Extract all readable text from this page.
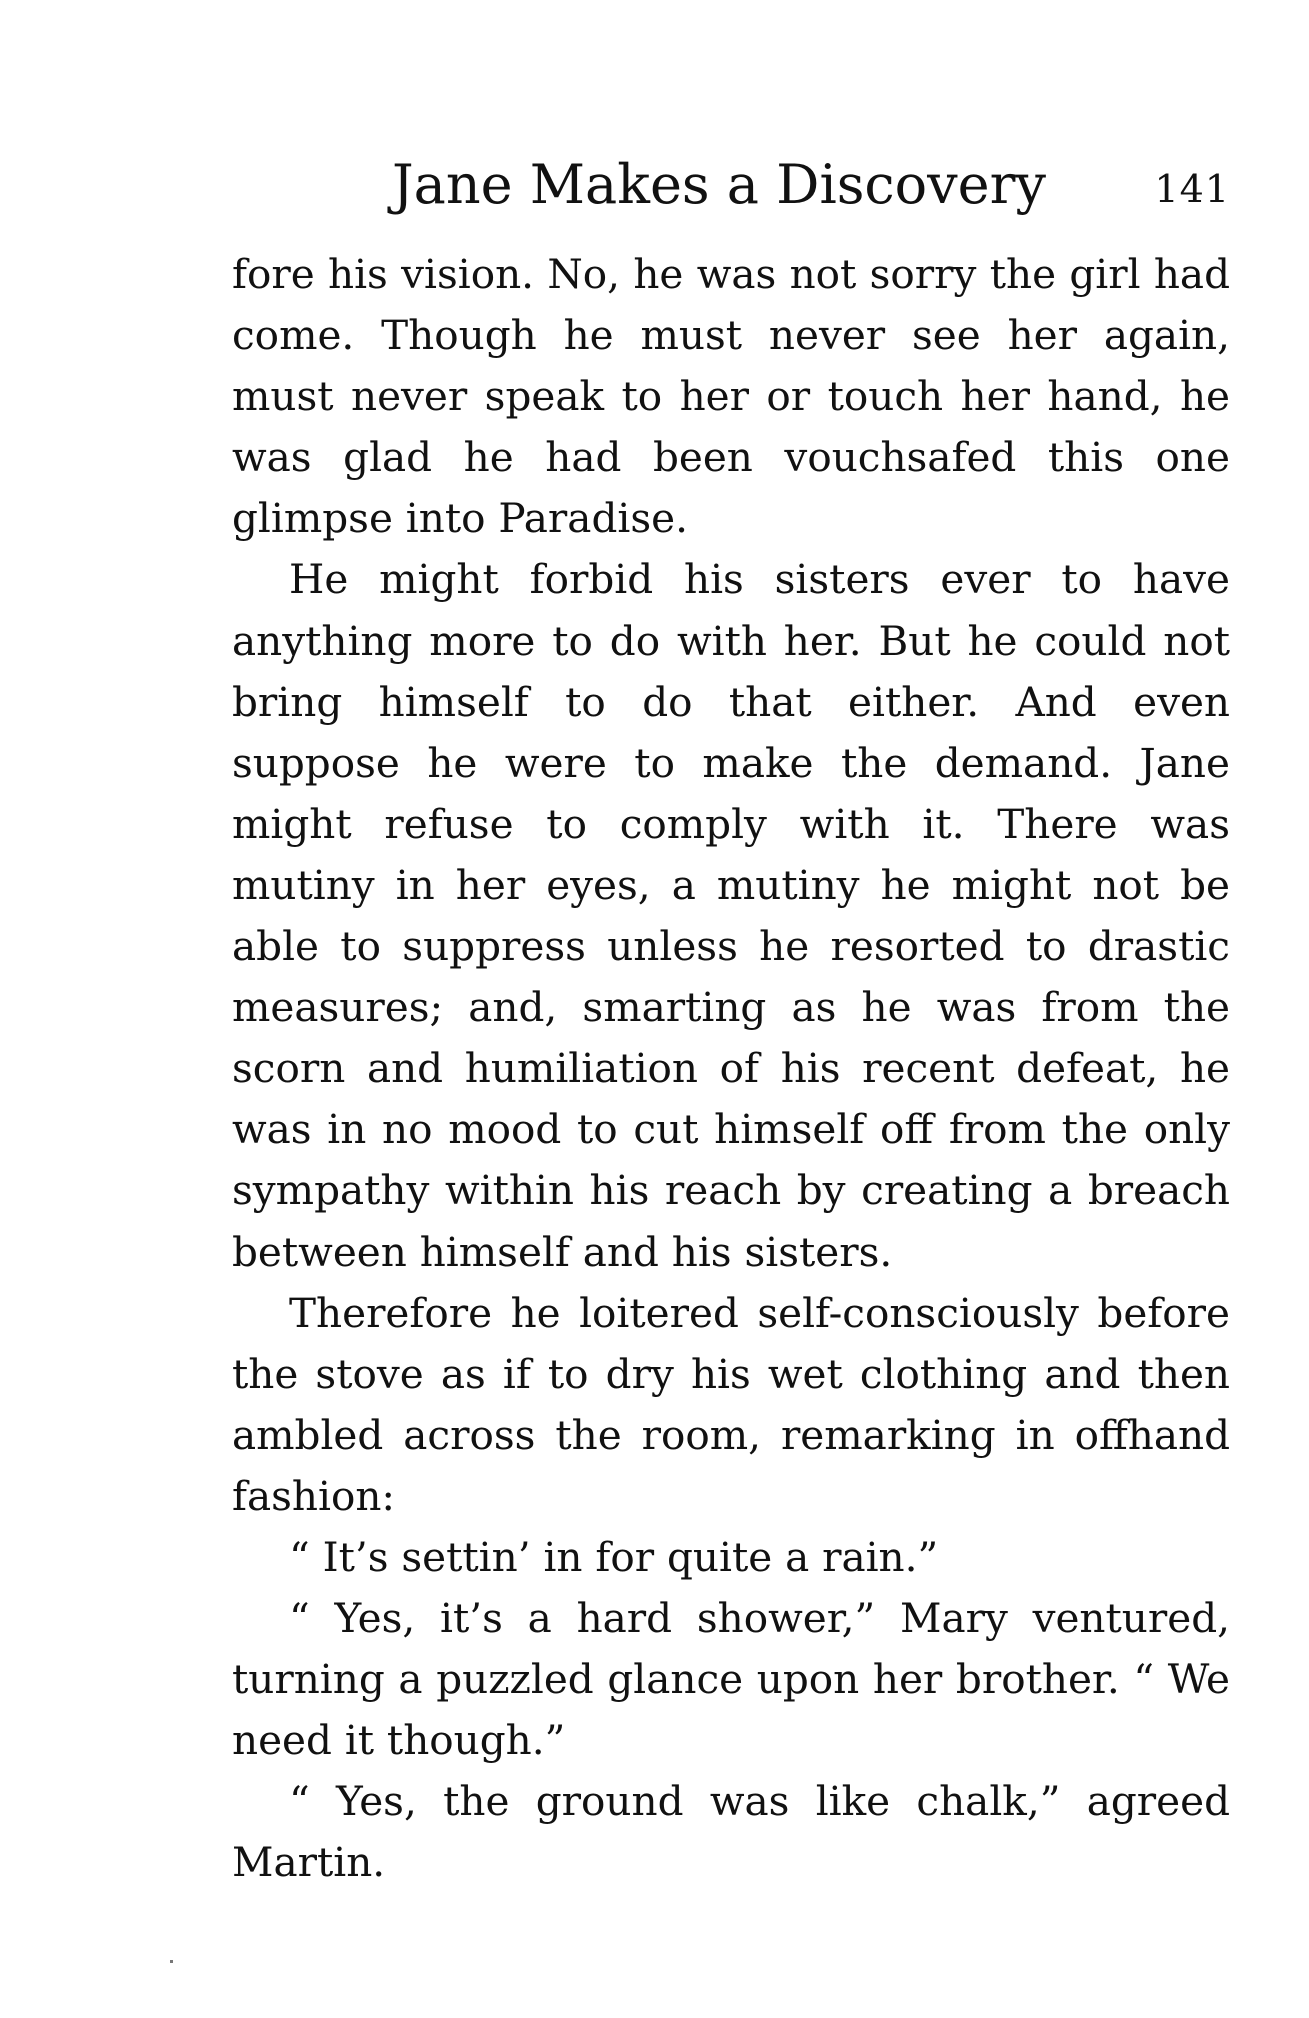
Jane Makes a Discovery	141

fore his vision. No, he was not sorry the girl had come. Though he must never see her again, must never speak to her or touch her hand, he was glad he had been vouchsafed this one glimpse into Paradise.

He might forbid his sisters ever to have anything more to do with her. But he could not bring himself to do that either. And even suppose he were to make the demand. Jane might refuse to comply with it. There was mutiny in her eyes, a mutiny he might not be able to suppress unless he resorted to drastic measures; and, smarting as he was from the scorn and humiliation of his recent defeat, he was in no mood to cut himself off from the only sympathy within his reach by creating a breach between himself and his sisters.

Therefore he loitered self-consciously before the stove as if to dry his wet clothing and then ambled across the room, remarking in offhand fashion:

“ It’s settin’ in for quite a rain.”

“ Yes, it’s a hard shower,” Mary ventured, turning a puzzled glance upon her brother. “ We need it though.”

“ Yes, the ground was like chalk,” agreed Martin.
